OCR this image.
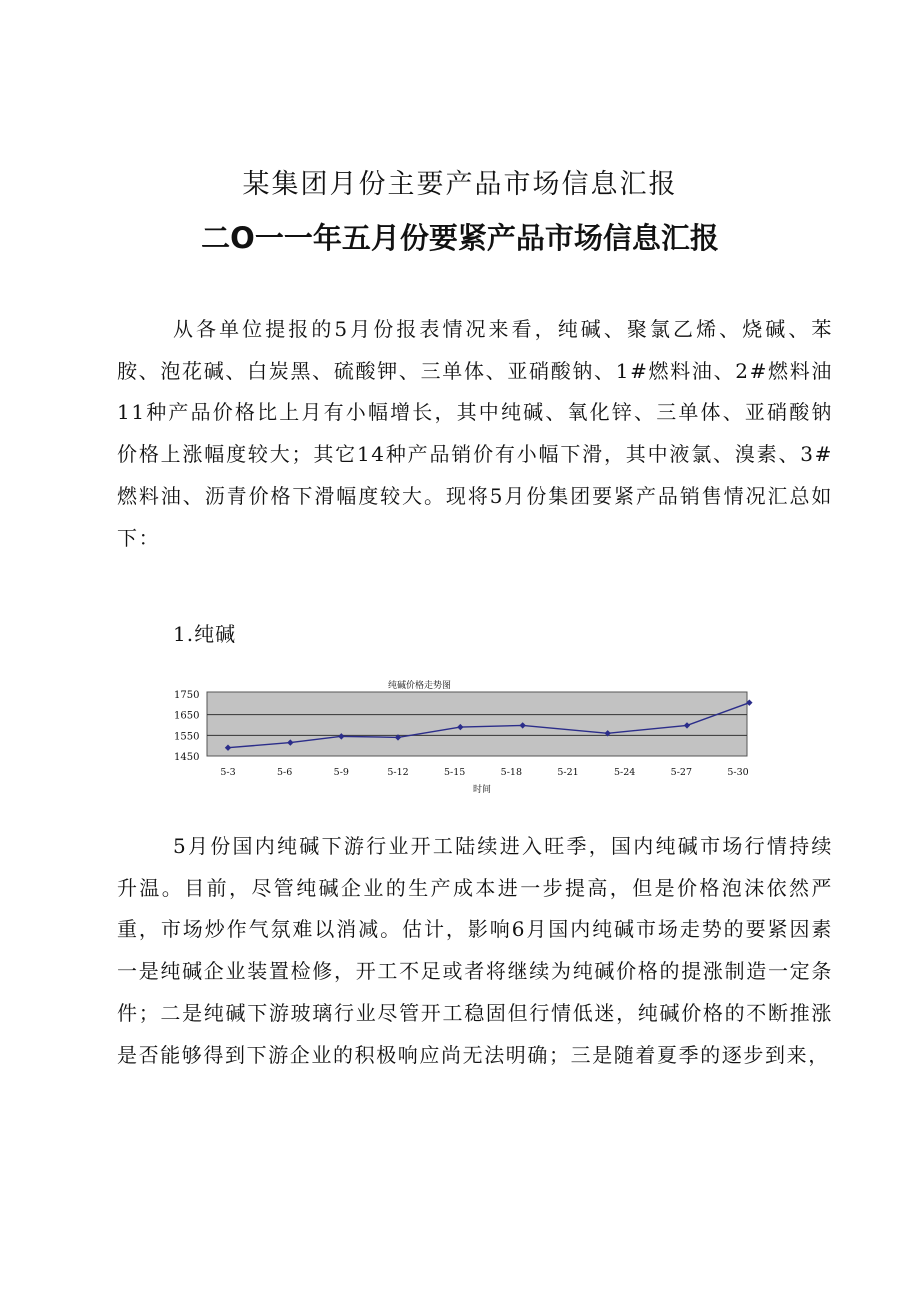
某集团月份主要产品市场信息汇报
二O一一年五月份要紧产品市场信息汇报

从各单位提报的5月份报表情况来看，纯碱、聚氯乙烯、烧碱、苯胺、泡花碱、白炭黑、硫酸钾、三单体、亚硝酸钠、1#燃料油、2#燃料油11种产品价格比上月有小幅增长，其中纯碱、氧化锌、三单体、亚硝酸钠价格上涨幅度较大；其它14种产品销价有小幅下滑，其中液氯、溴素、3#燃料油、沥青价格下滑幅度较大。现将5月份集团要紧产品销售情况汇总如下：

1.纯碱
纯碱价格走势图
1750
1650
1550
1450
5-3	5-6	5-9	5-12	5-15	5-18	5-21	5-24	5-27	5-30
时间

5月份国内纯碱下游行业开工陆续进入旺季，国内纯碱市场行情持续升温。目前，尽管纯碱企业的生产成本进一步提高，但是价格泡沫依然严重，市场炒作气氛难以消减。估计，影响6月国内纯碱市场走势的要紧因素一是纯碱企业装置检修，开工不足或者将继续为纯碱价格的提涨制造一定条件；二是纯碱下游玻璃行业尽管开工稳固但行情低迷，纯碱价格的不断推涨是否能够得到下游企业的积极响应尚无法明确；三是随着夏季的逐步到来，
